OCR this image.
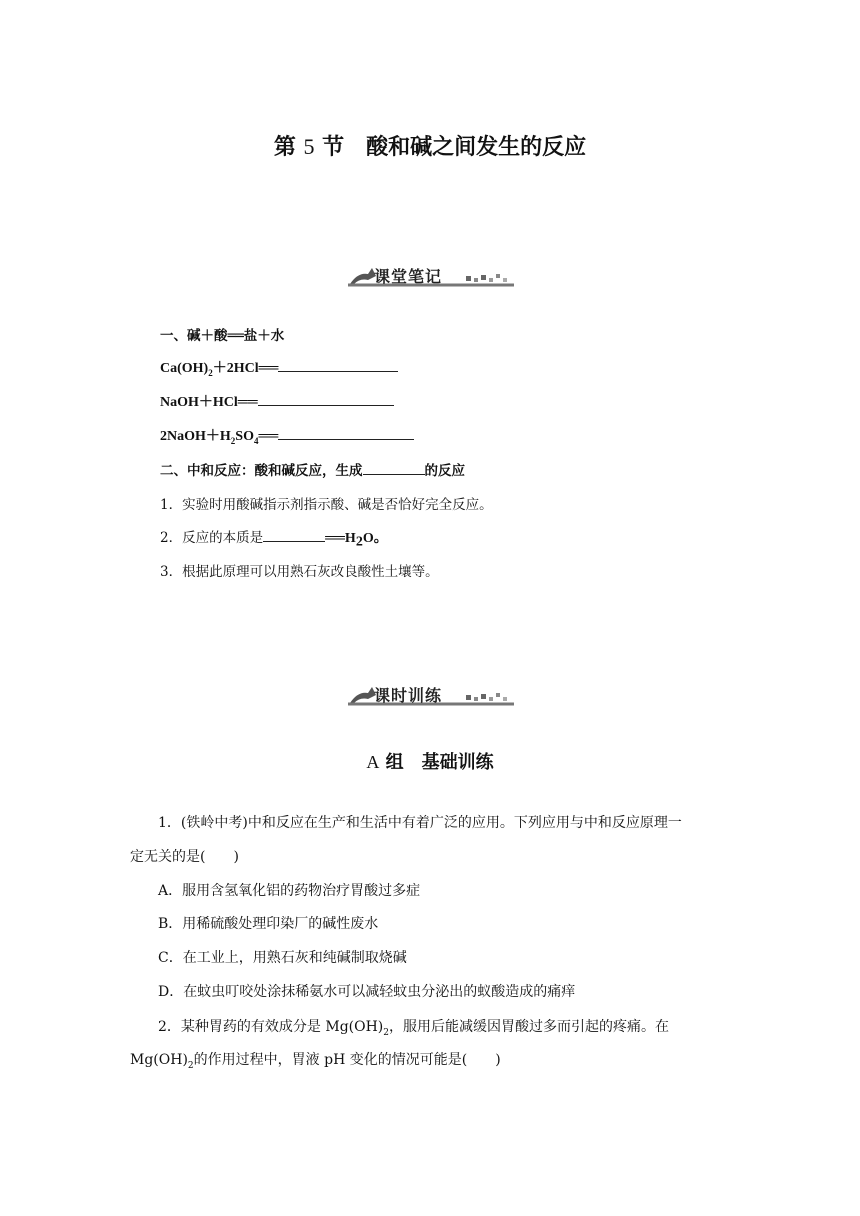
第 5 节　酸和碱之间发生的反应
课堂笔记
一、碱＋酸══盐＋水
$Ca(OH)_2+2HCl══$
NaOH＋HCl══
$2NaOH+H_2SO_4══$
二、中和反应：酸和碱反应，生成	的反应
1．实验时用酸碱指示剂指示酸、碱是否恰好完全反应。
2．反应的本质是	$══H_2O$。
3．根据此原理可以用熟石灰改良酸性土壤等。
课时训练
A 组　基础训练
1．(铁岭中考)中和反应在生产和生活中有着广泛的应用。下列应用与中和反应原理一
定无关的是(　　)
A．服用含氢氧化铝的药物治疗胃酸过多症
B．用稀硫酸处理印染厂的碱性废水
C．在工业上，用熟石灰和纯碱制取烧碱
D．在蚊虫叮咬处涂抹稀氨水可以减轻蚊虫分泌出的蚁酸造成的痛痒
2．某种胃药的有效成分是 $Mg(OH)_2$，服用后能减缓因胃酸过多而引起的疼痛。在
$Mg(OH)_2$的作用过程中，胃液 pH 变化的情况可能是(　　)
